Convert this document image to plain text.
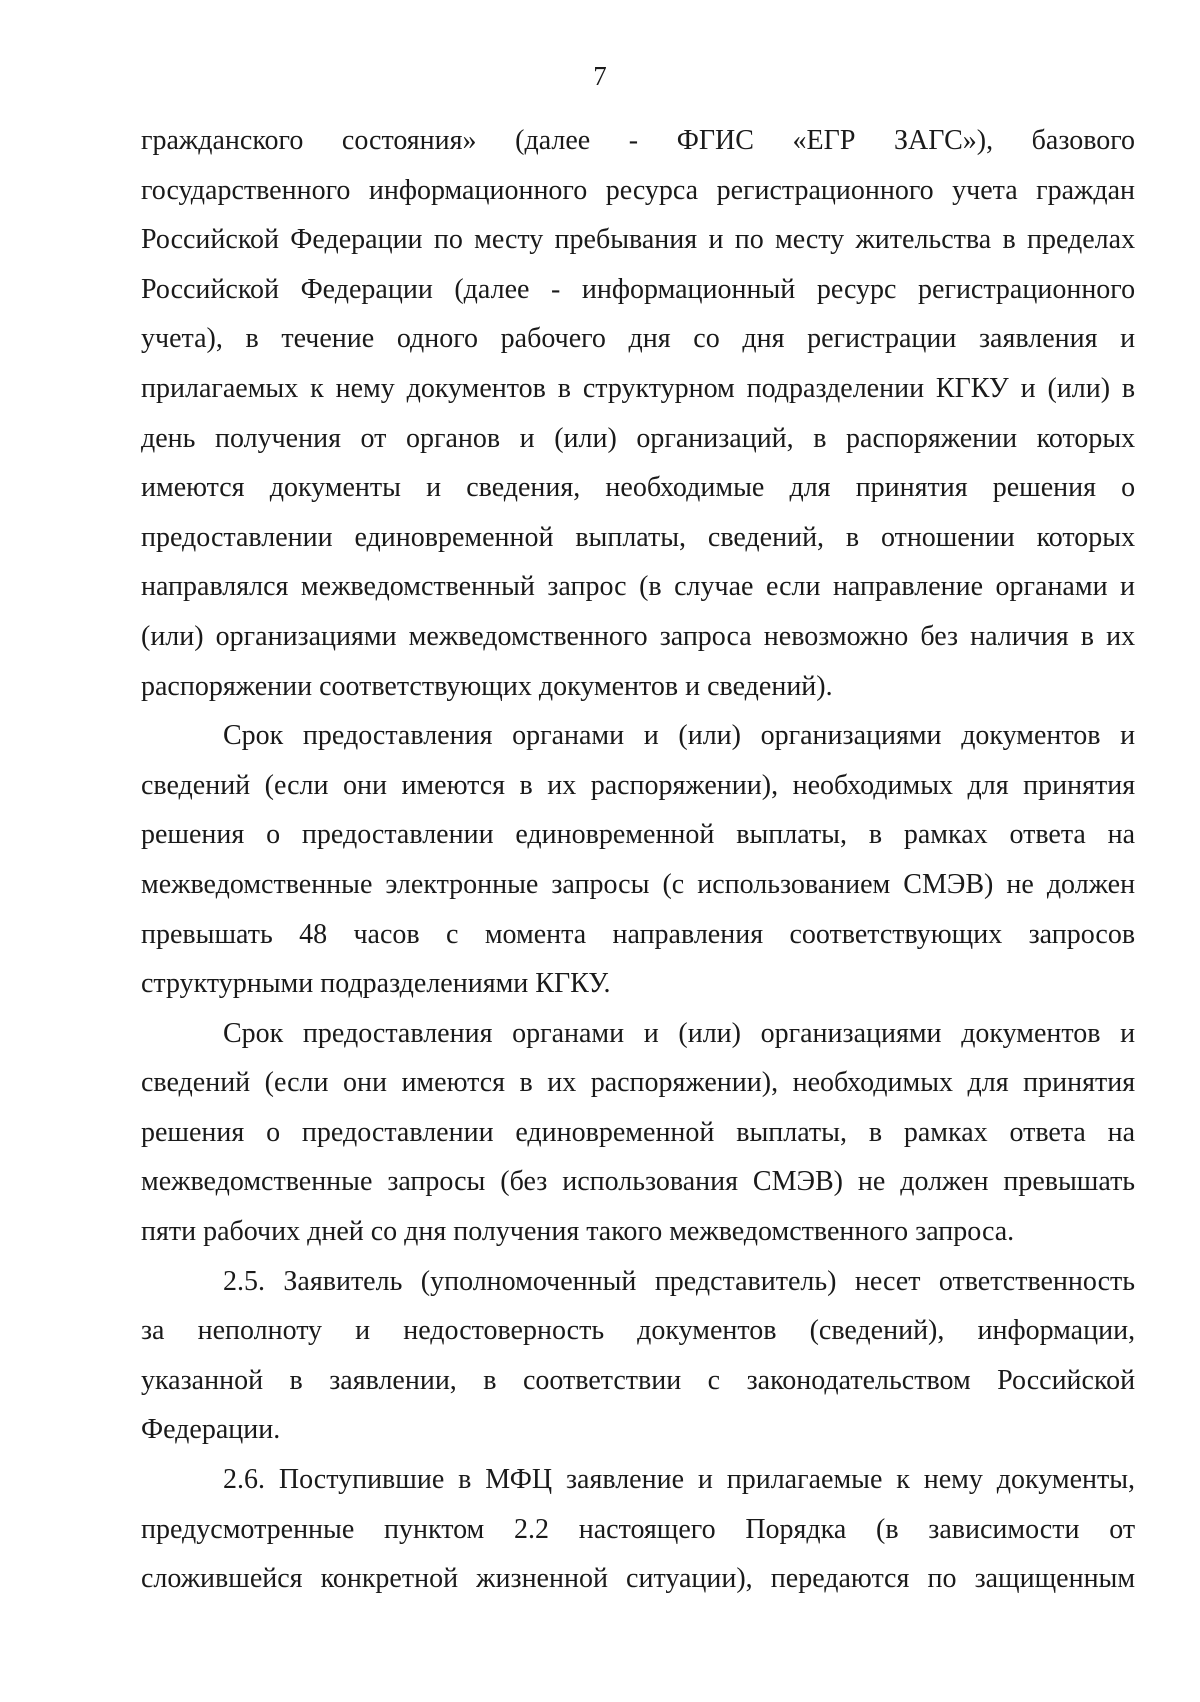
7
гражданского состояния» (далее - ФГИС «ЕГР ЗАГС»), базового
государственного информационного ресурса регистрационного учета граждан
Российской Федерации по месту пребывания и по месту жительства в пределах
Российской Федерации (далее - информационный ресурс регистрационного
учета), в течение одного рабочего дня со дня регистрации заявления и
прилагаемых к нему документов в структурном подразделении КГКУ и (или) в
день получения от органов и (или) организаций, в распоряжении которых
имеются документы и сведения, необходимые для принятия решения о
предоставлении единовременной выплаты, сведений, в отношении которых
направлялся межведомственный запрос (в случае если направление органами и
(или) организациями межведомственного запроса невозможно без наличия в их
распоряжении соответствующих документов и сведений).
Срок предоставления органами и (или) организациями документов и
сведений (если они имеются в их распоряжении), необходимых для принятия
решения о предоставлении единовременной выплаты, в рамках ответа на
межведомственные электронные запросы (с использованием СМЭВ) не должен
превышать 48 часов с момента направления соответствующих запросов
структурными подразделениями КГКУ.
Срок предоставления органами и (или) организациями документов и
сведений (если они имеются в их распоряжении), необходимых для принятия
решения о предоставлении единовременной выплаты, в рамках ответа на
межведомственные запросы (без использования СМЭВ) не должен превышать
пяти рабочих дней со дня получения такого межведомственного запроса.
2.5. Заявитель (уполномоченный представитель) несет ответственность
за неполноту и недостоверность документов (сведений), информации,
указанной в заявлении, в соответствии с законодательством Российской
Федерации.
2.6. Поступившие в МФЦ заявление и прилагаемые к нему документы,
предусмотренные пунктом 2.2 настоящего Порядка (в зависимости от
сложившейся конкретной жизненной ситуации), передаются по защищенным
